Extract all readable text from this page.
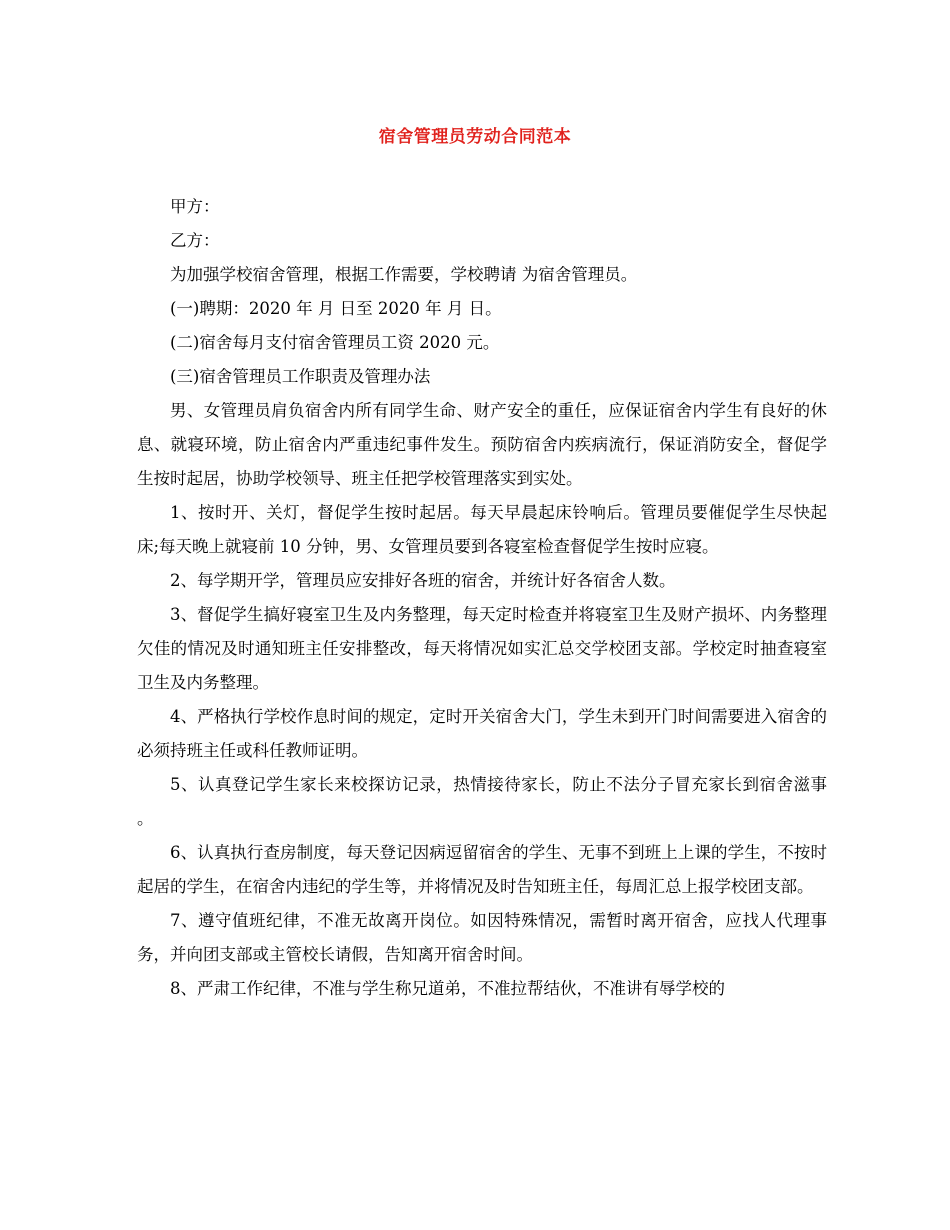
宿舍管理员劳动合同范本

甲方：

乙方：

为加强学校宿舍管理，根据工作需要，学校聘请 为宿舍管理员。

(一)聘期：2020 年 月 日至 2020 年 月 日。

(二)宿舍每月支付宿舍管理员工资 2020 元。

(三)宿舍管理员工作职责及管理办法

男、女管理员肩负宿舍内所有同学生命、财产安全的重任，应保证宿舍内学生有良好的休息、就寝环境，防止宿舍内严重违纪事件发生。预防宿舍内疾病流行，保证消防安全，督促学生按时起居，协助学校领导、班主任把学校管理落实到实处。

1、按时开、关灯，督促学生按时起居。每天早晨起床铃响后。管理员要催促学生尽快起床;每天晚上就寝前 10 分钟，男、女管理员要到各寝室检查督促学生按时应寝。

2、每学期开学，管理员应安排好各班的宿舍，并统计好各宿舍人数。

3、督促学生搞好寝室卫生及内务整理，每天定时检查并将寝室卫生及财产损坏、内务整理欠佳的情况及时通知班主任安排整改，每天将情况如实汇总交学校团支部。学校定时抽查寝室卫生及内务整理。

4、严格执行学校作息时间的规定，定时开关宿舍大门，学生未到开门时间需要进入宿舍的必须持班主任或科任教师证明。

5、认真登记学生家长来校探访记录，热情接待家长，防止不法分子冒充家长到宿舍滋事 。

6、认真执行查房制度，每天登记因病逗留宿舍的学生、无事不到班上上课的学生，不按时起居的学生，在宿舍内违纪的学生等，并将情况及时告知班主任，每周汇总上报学校团支部。

7、遵守值班纪律，不准无故离开岗位。如因特殊情况，需暂时离开宿舍，应找人代理事务，并向团支部或主管校长请假，告知离开宿舍时间。

8、严肃工作纪律，不准与学生称兄道弟，不准拉帮结伙，不准讲有辱学校的
